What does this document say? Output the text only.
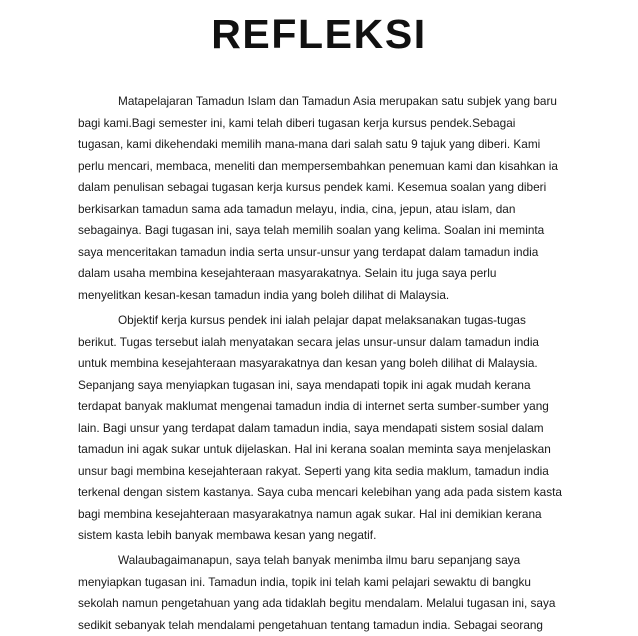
REFLEKSI
Matapelajaran Tamadun Islam dan Tamadun Asia merupakan satu subjek yang baru
bagi kami.Bagi semester ini, kami telah diberi tugasan kerja kursus pendek.Sebagai
tugasan, kami dikehendaki memilih mana-mana dari salah satu 9 tajuk yang diberi. Kami
perlu mencari, membaca, meneliti dan mempersembahkan penemuan kami dan kisahkan ia
dalam penulisan sebagai tugasan kerja kursus pendek kami. Kesemua soalan yang diberi
berkisarkan tamadun sama ada tamadun melayu, india, cina, jepun, atau islam, dan
sebagainya. Bagi tugasan ini, saya telah memilih soalan yang kelima. Soalan ini meminta
saya menceritakan tamadun india serta unsur-unsur yang terdapat dalam tamadun india
dalam usaha membina kesejahteraan masyarakatnya. Selain itu juga saya perlu
menyelitkan kesan-kesan tamadun india yang boleh dilihat di Malaysia.
Objektif kerja kursus pendek ini ialah pelajar dapat melaksanakan tugas-tugas
berikut. Tugas tersebut ialah menyatakan secara jelas unsur-unsur dalam tamadun india
untuk membina kesejahteraan masyarakatnya dan kesan yang boleh dilihat di Malaysia.
Sepanjang saya menyiapkan tugasan ini, saya mendapati topik ini agak mudah kerana
terdapat banyak maklumat mengenai tamadun india di internet serta sumber-sumber yang
lain. Bagi unsur yang terdapat dalam tamadun india, saya mendapati sistem sosial dalam
tamadun ini agak sukar untuk dijelaskan. Hal ini kerana soalan meminta saya menjelaskan
unsur bagi membina kesejahteraan rakyat. Seperti yang kita sedia maklum, tamadun india
terkenal dengan sistem kastanya. Saya cuba mencari kelebihan yang ada pada sistem kasta
bagi membina kesejahteraan masyarakatnya namun agak sukar. Hal ini demikian kerana
sistem kasta lebih banyak membawa kesan yang negatif.
Walaubagaimanapun, saya telah banyak menimba ilmu baru sepanjang saya
menyiapkan tugasan ini. Tamadun india, topik ini telah kami pelajari sewaktu di bangku
sekolah namun pengetahuan yang ada tidaklah begitu mendalam. Melalui tugasan ini, saya
sedikit sebanyak telah mendalami pengetahuan tentang tamadun india. Sebagai seorang
